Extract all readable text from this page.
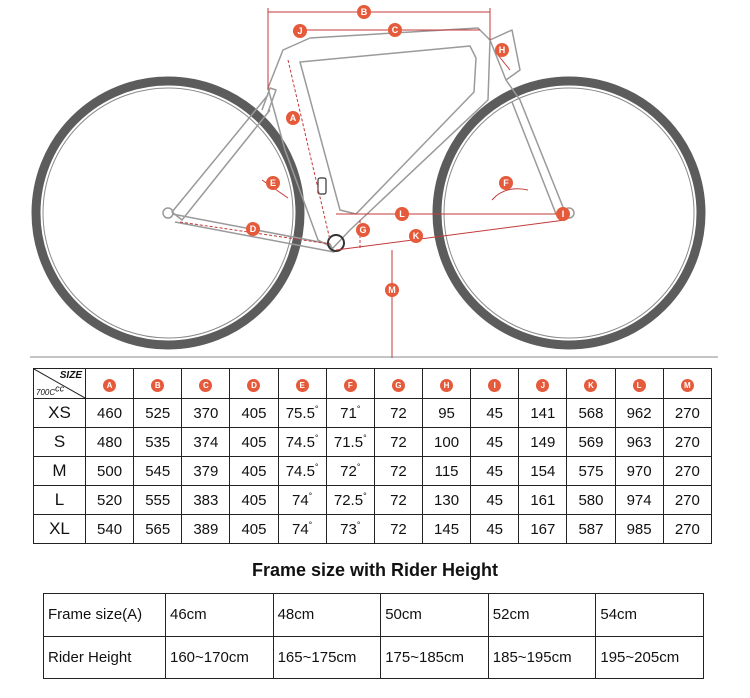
B
C
J
H
A
E	F
L	I
D	G
K
M
SIZE
$700C^{cc}$	A	B	C	D	E	F	G	H	I	J	K	L	M
XS	460	525	370	405	75.5°	71°	72	95	45	141	568	962	270
S	480	535	374	405	74.5°	71.5°	72	100	45	149	569	963	270
M	500	545	379	405	74.5°	72°	72	115	45	154	575	970	270
L	520	555	383	405	74°	72.5°	72	130	45	161	580	974	270
XL	540	565	389	405	74°	73°	72	145	45	167	587	985	270
Frame size with Rider Height
Frame size(A)	46cm	48cm	50cm	52cm	54cm
Rider Height	160~170cm	165~175cm	175~185cm	185~195cm	195~205cm
